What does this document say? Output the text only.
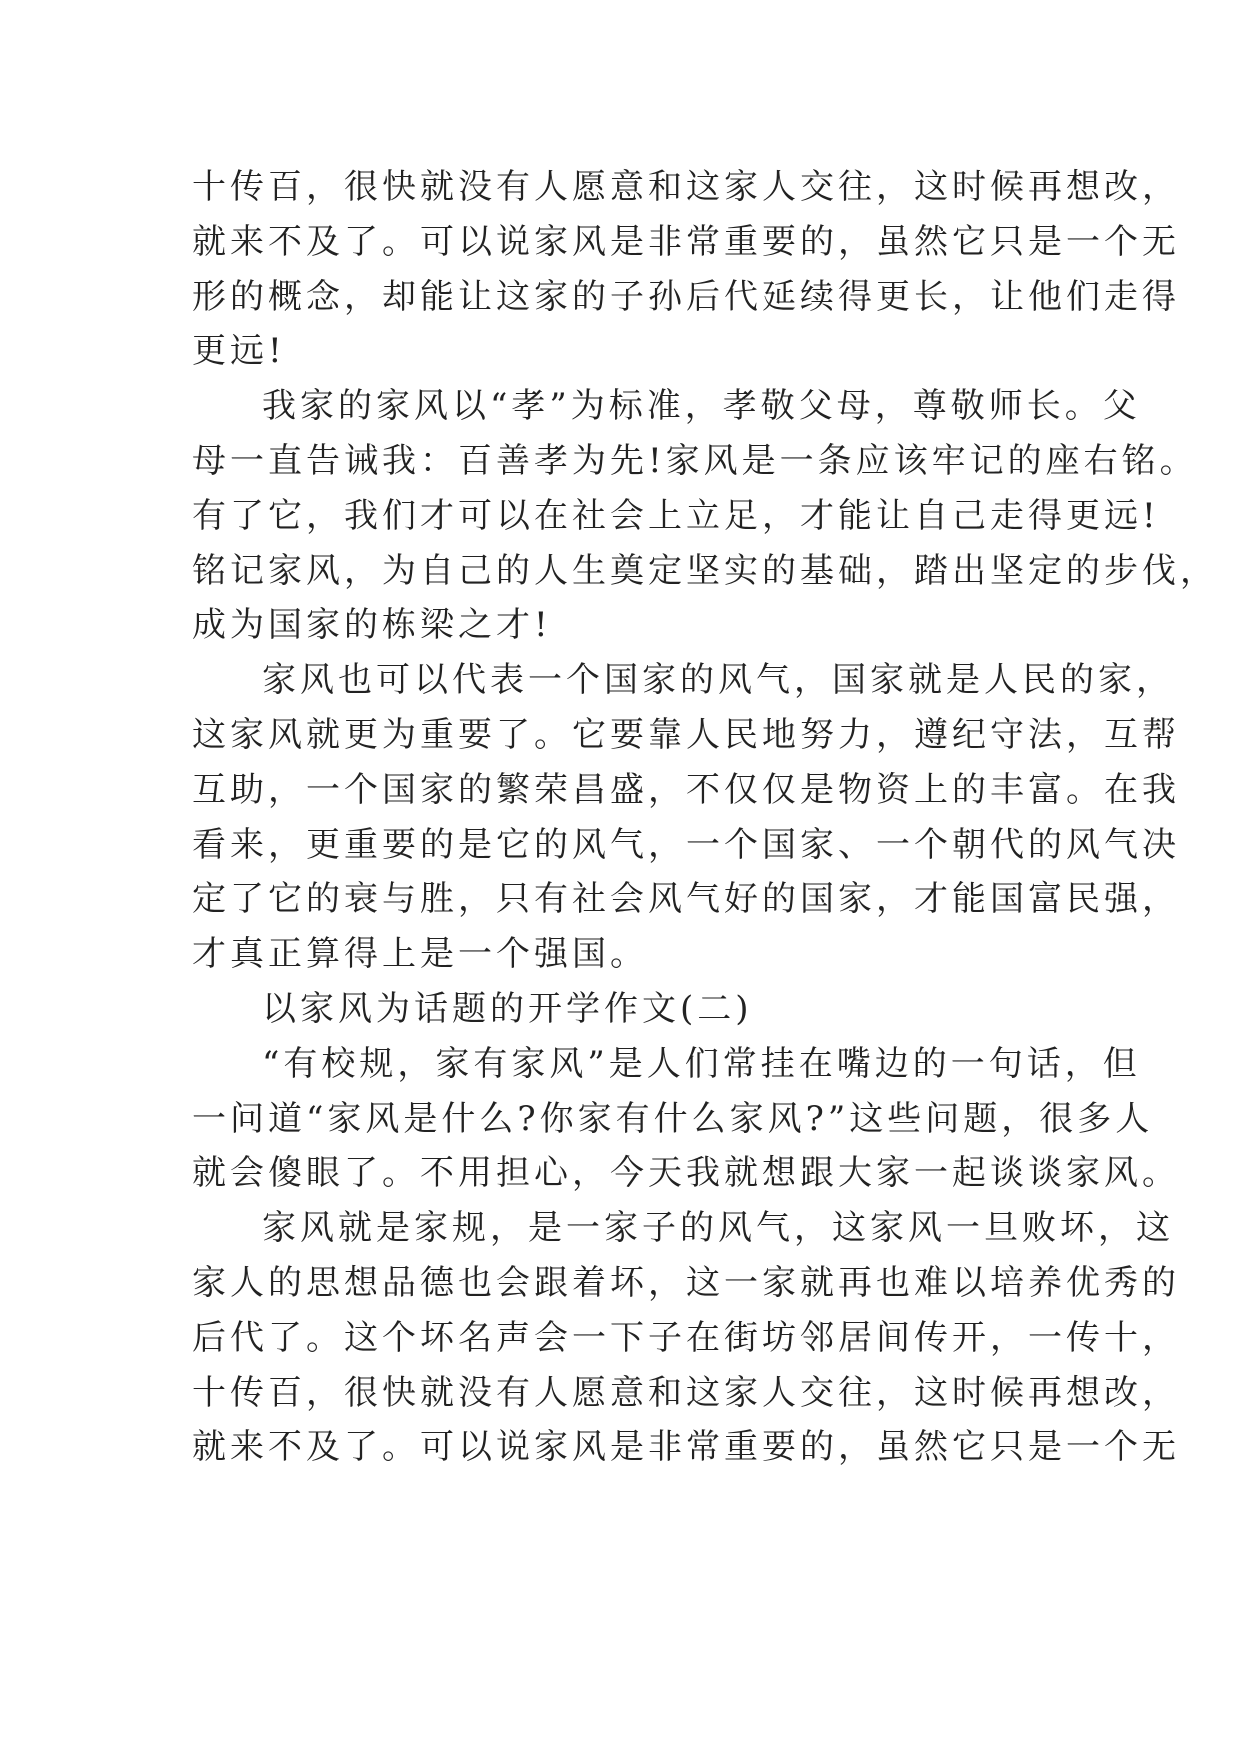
十传百，很快就没有人愿意和这家人交往，这时候再想改，
就来不及了。可以说家风是非常重要的，虽然它只是一个无
形的概念，却能让这家的子孙后代延续得更长，让他们走得
更远!
我家的家风以“孝”为标准，孝敬父母，尊敬师长。父
母一直告诫我：百善孝为先!家风是一条应该牢记的座右铭。
有了它，我们才可以在社会上立足，才能让自己走得更远!
铭记家风，为自己的人生奠定坚实的基础，踏出坚定的步伐，
成为国家的栋梁之才!
家风也可以代表一个国家的风气，国家就是人民的家，
这家风就更为重要了。它要靠人民地努力，遵纪守法，互帮
互助，一个国家的繁荣昌盛，不仅仅是物资上的丰富。在我
看来，更重要的是它的风气，一个国家、一个朝代的风气决
定了它的衰与胜，只有社会风气好的国家，才能国富民强，
才真正算得上是一个强国。
以家风为话题的开学作文(二)
“有校规，家有家风”是人们常挂在嘴边的一句话，但
一问道“家风是什么?你家有什么家风?”这些问题，很多人
就会傻眼了。不用担心，今天我就想跟大家一起谈谈家风。
家风就是家规，是一家子的风气，这家风一旦败坏，这
家人的思想品德也会跟着坏，这一家就再也难以培养优秀的
后代了。这个坏名声会一下子在街坊邻居间传开，一传十，
十传百，很快就没有人愿意和这家人交往，这时候再想改，
就来不及了。可以说家风是非常重要的，虽然它只是一个无
